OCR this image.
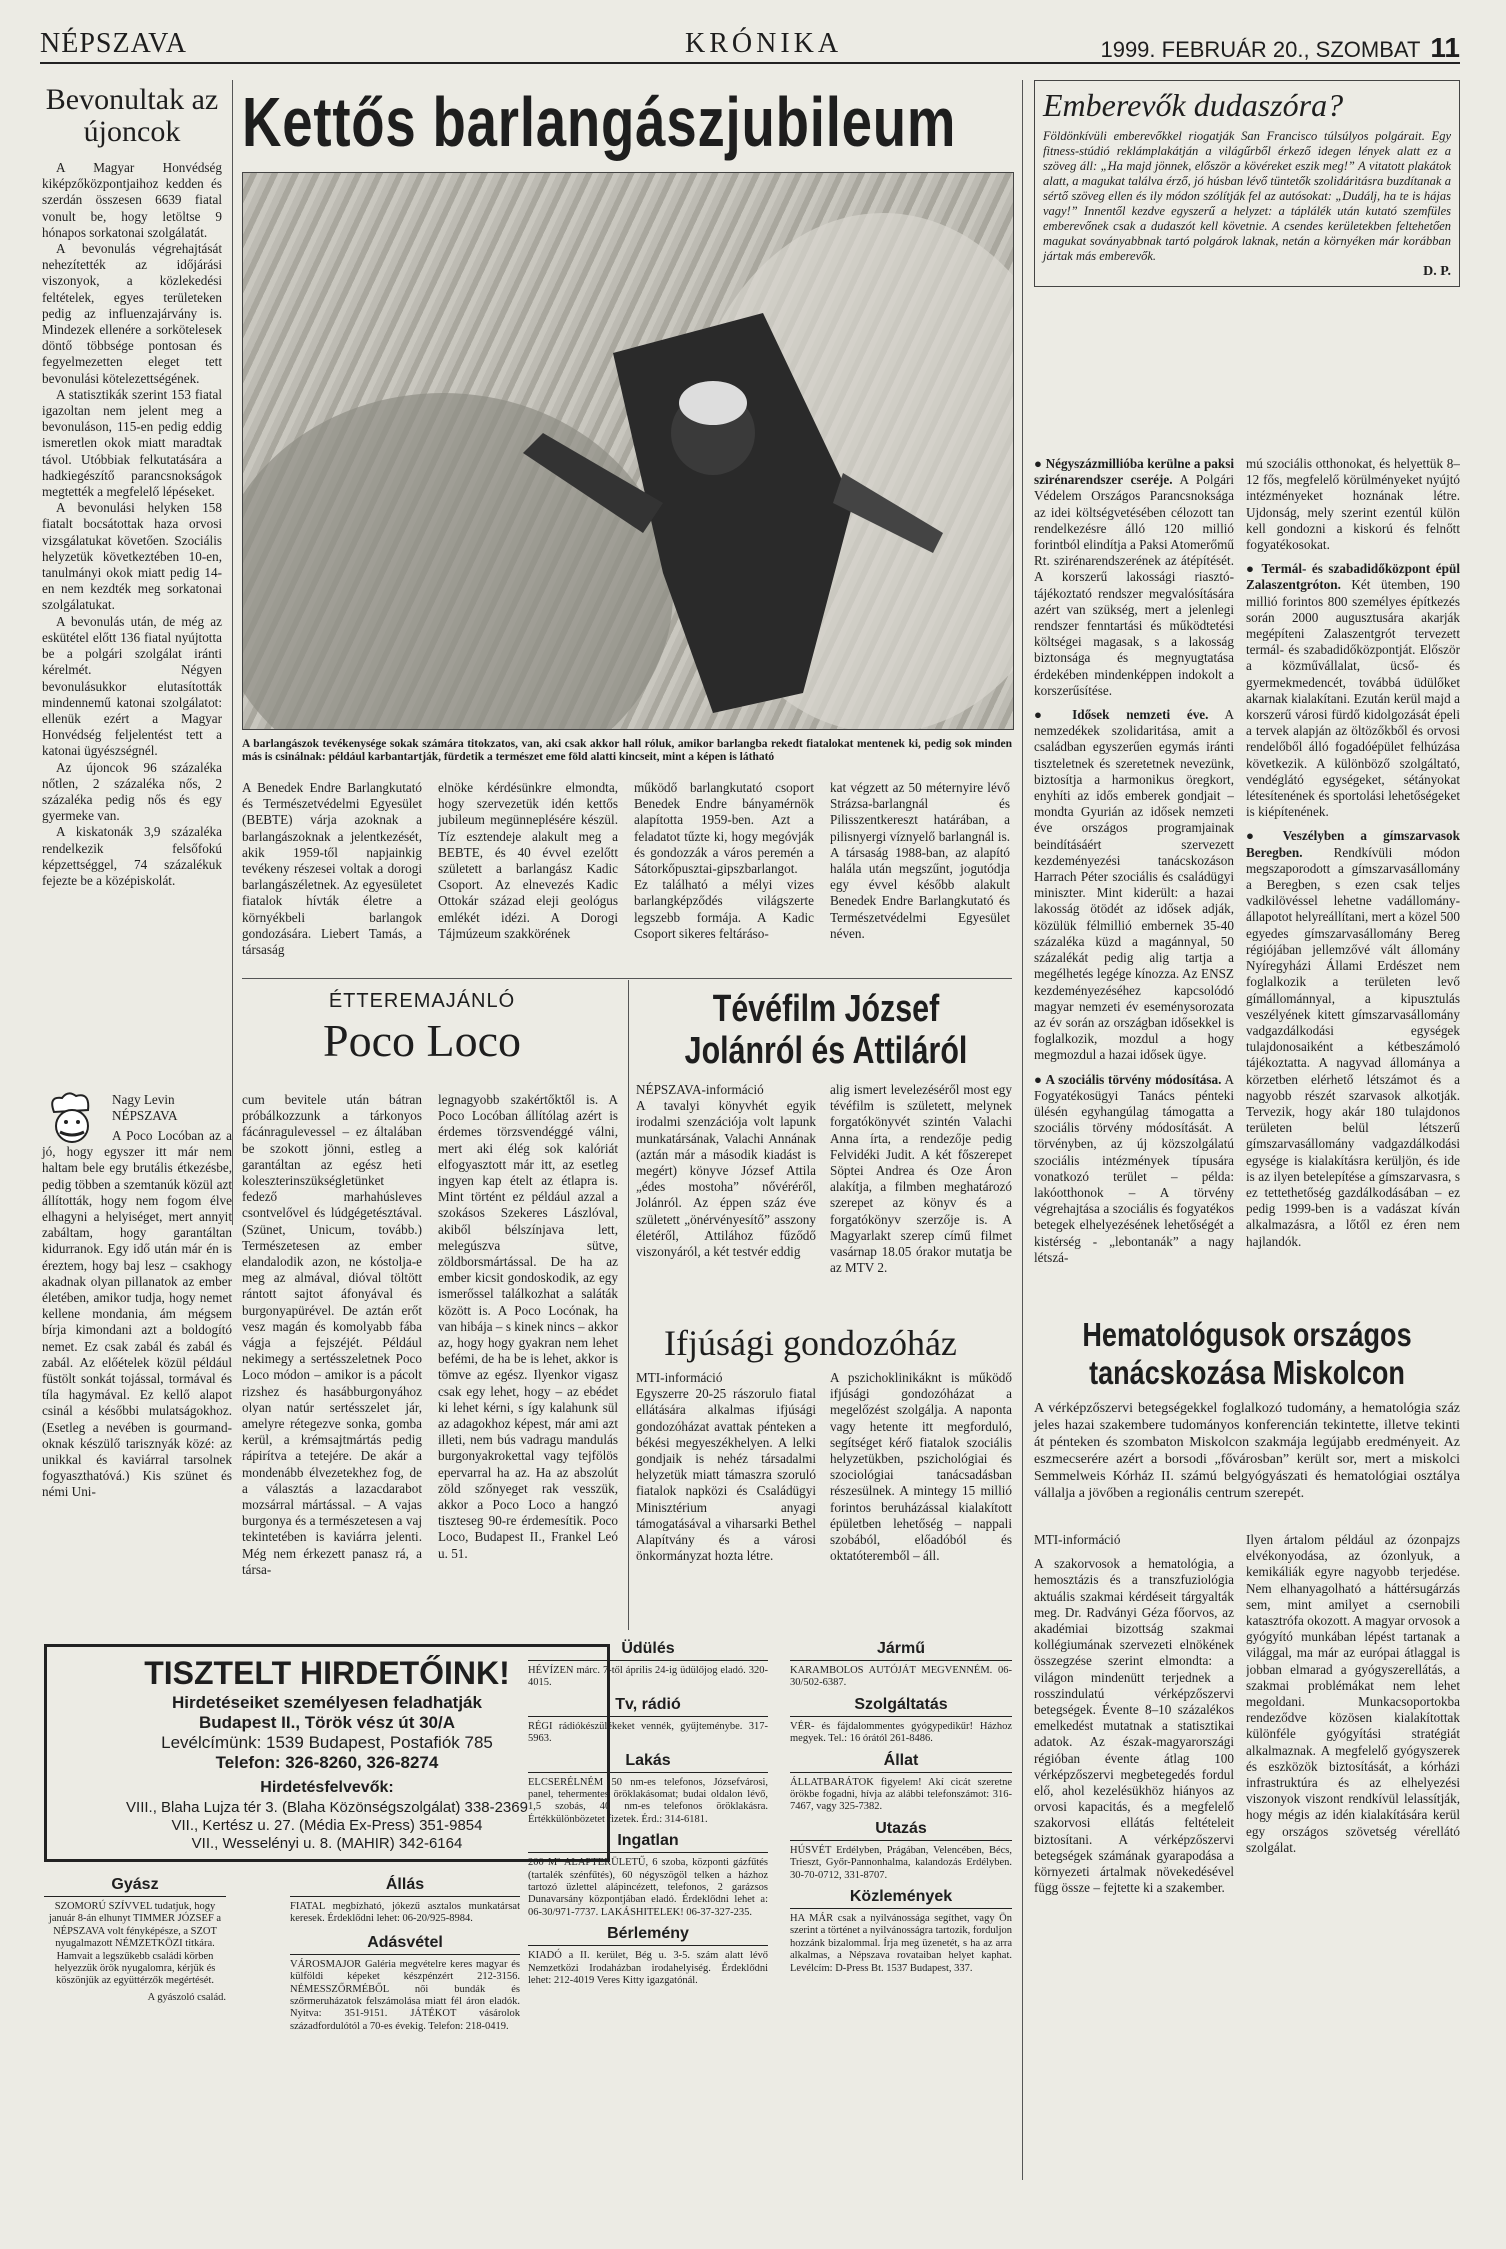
NÉPSZAVA	KRÓNIKA	1999. FEBRUÁR 20., SZOMBAT 11
Bevonultak az újoncok

A Magyar Honvédség kiképzőközpontjaihoz kedden és szerdán összesen 6639 fiatal vonult be, hogy letöltse 9 hónapos sorkatonai szolgálatát.

A bevonulás végrehajtását nehezítették az időjárási viszonyok, a közlekedési feltételek, egyes területeken pedig az influenzajárvány is. Mindezek ellenére a sorkötelesek döntő többsége pontosan és fegyelmezetten eleget tett bevonulási kötelezettségének.

A statisztikák szerint 153 fiatal igazoltan nem jelent meg a bevonuláson, 115-en pedig eddig ismeretlen okok miatt maradtak távol. Utóbbiak felkutatására a hadkiegészítő parancsnokságok megtették a megfelelő lépéseket.

A bevonulási helyken 158 fiatalt bocsátottak haza orvosi vizsgálatukat követően. Szociális helyzetük következtében 10-en, tanulmányi okok miatt pedig 14-en nem kezdték meg sorkatonai szolgálatukat.

A bevonulás után, de még az eskütétel előtt 136 fiatal nyújtotta be a polgári szolgálat iránti kérelmét. Négyen bevonulásukkor elutasították mindennemű katonai szolgálatot: ellenük ezért a Magyar Honvédség feljelentést tett a katonai ügyészségnél.

Az újoncok 96 százaléka nőtlen, 2 százaléka nős, 2 százaléka pedig nős és egy gyermeke van.

A kiskatonák 3,9 százaléka rendelkezik felsőfokú képzettséggel, 74 százalékuk fejezte be a középiskolát.

Kettős barlangászjubileum
A barlangászok tevékenysége sokak számára titokzatos, van, aki csak akkor hall róluk, amikor barlangba rekedt fiatalokat mentenek ki, pedig sok minden más is csinálnak: például karbantartják, fürdetik a természet eme föld alatti kincseit, mint a képen is látható
A Benedek Endre Barlangkutató és Természetvédelmi Egyesület (BEBTE) várja azoknak a barlangászoknak a jelentkezését, akik 1959-től napjainkig tevékeny részesei voltak a dorogi barlangászéletnek. Az egyesületet fiatalok hívták életre a környékbeli barlangok gondozására. Liebert Tamás, a társaság
elnöke kérdésünkre elmondta, hogy szervezetük idén kettős jubileum megünneplésére készül. Tíz esztendeje alakult meg a BEBTE, és 40 évvel ezelőtt született a barlangász Kadic Csoport. Az elnevezés Kadic Ottokár század eleji geológus emlékét idézi. A Dorogi Tájmúzeum szakkörének
működő barlangkutató csoport Benedek Endre bányamérnök alapította 1959-ben. Azt a feladatot tűzte ki, hogy megóvják és gondozzák a város peremén a Sátorkőpusztai-gipszbarlangot. Ez található a mélyi vizes barlangképződés világszerte legszebb formája. A Kadic Csoport sikeres feltáráso-
kat végzett az 50 méternyire lévő Strázsa-barlangnál és Pilisszentkereszt határában, a pilisnyergi víznyelő barlangnál is. A társaság 1988-ban, az alapító halála után megszűnt, jogutódja egy évvel később alakult Benedek Endre Barlangkutató és Természetvédelmi Egyesület néven.
ÉTTEREMAJÁNLÓ
Poco Loco
Nagy Levin
NÉPSZAVA
A Poco Locóban az a jó, hogy egyszer itt már nem haltam bele egy brutális étkezésbe, pedig többen a szemtanúk közül azt állították, hogy nem fogom élve elhagyni a helyiséget, mert annyit zabáltam, hogy garantáltan kidurranok. Egy idő után már én is éreztem, hogy baj lesz – csakhogy akadnak olyan pillanatok az ember életében, amikor tudja, hogy nemet kellene mondania, ám mégsem bírja kimondani azt a boldogító nemet. Ez csak zabál és zabál és zabál. Az előételek közül például füstölt sonkát tojással, tormával és tíla hagymával. Ez kellő alapot csinál a későbbi mulatságokhoz. (Esetleg a nevében is gourmand-oknak készülő tarisznyák közé: az unikkal és kaviárral tarsolnek fogyaszthatóvá.) Kis szünet és némi Uni-
cum bevitele után bátran próbálkozzunk a tárkonyos fácánragulevessel – ez általában be szokott jönni, estleg a garantáltan az egész heti koleszterinszükségletünket fedező marhahúsleves csontvelővel és lúdgégetésztával. (Szünet, Unicum, tovább.) Természetesen az ember elandalodik azon, ne kóstolja-e meg az almával, dióval töltött rántott sajtot áfonyával és burgonyapürével. De aztán erőt vesz magán és komolyabb fába vágja a fejszéjét. Például nekimegy a sertésszeletnek Poco Loco módon – amikor is a pácolt rizshez és hasábburgonyához olyan natúr sertésszelet jár, amelyre rétegezve sonka, gomba kerül, a krémsajtmártás pedig rápirítva a tetejére. De akár a mondenább élvezetekhez fog, de a választás a lazacdarabot mozsárral mártással. – A vajas burgonya és a természetesen a vaj tekintetében is kaviárra jelenti. Még nem érkezett panasz rá, a társa-
legnagyobb szakértőktől is. A Poco Locóban állítólag azért is érdemes törzsvendéggé válni, mert aki élég sok kalóriát elfogyasztott már itt, az esetleg ingyen kap ételt az étlapra is. Mint történt ez például azzal a szokásos Szekeres Lászlóval, akiből bélszínjava lett, melegúszva sütve, zöldborsmártással. De ha az ember kicsit gondoskodik, az egy ismerőssel találkozhat a saláták között is. A Poco Locónak, ha van hibája – s kinek nincs – akkor az, hogy hogy gyakran nem lehet befémi, de ha be is lehet, akkor is tömve az egész. Ilyenkor vigasz csak egy lehet, hogy – az ebédet ki lehet kérni, s így kalahunk sül az adagokhoz képest, már ami azt illeti, nem bús vadragu mandulás burgonyakrokettal vagy tejfölös epervarral ha az. Ha az abszolút zöld szőnyeget rak vesszük, akkor a Poco Loco a hangzó tiszteseg 90-re érdemesítik. Poco Loco, Budapest II., Frankel Leó u. 51.
Tévéfilm József Jolánról és Attiláról
NÉPSZAVA-információ
A tavalyi könyvhét egyik irodalmi szenzációja volt lapunk munkatársának, Valachi Annának (aztán már a második kiadást is megért) könyve József Attila „édes mostoha” nővéréről, Jolánról. Az éppen száz éve született „önérvényesítő” asszony életéről, Attilához fűződő viszonyáról, a két testvér eddig
alig ismert levelezéséről most egy tévéfilm is született, melynek forgatókönyvét szintén Valachi Anna írta, a rendezője pedig Felvidéki Judit. A két főszerepet Söptei Andrea és Oze Áron alakítja, a filmben meghatározó szerepet az könyv és a forgatókönyv szerzője is. A Magyarlakt szerep című filmet vasárnap 18.05 órakor mutatja be az MTV 2.
Ifjúsági gondozóház
MTI-információ
Egyszerre 20-25 rászorulo fiatal ellátására alkalmas ifjúsági gondozóházat avattak pénteken a békési megyeszékhelyen. A lelki gondjaik is nehéz társadalmi helyzetük miatt támaszra szoruló fiatalok napközi és Családügyi Minisztérium anyagi támogatásával a viharsarki Bethel Alapítvány és a városi önkormányzat hozta létre.
A pszichoklinikáknt is működő ifjúsági gondozóházat a megelőzést szolgálja. A naponta vagy hetente itt megforduló, segítséget kérő fiatalok szociális helyzetükben, pszichológiai és szociológiai tanácsadásban részesülnek. A mintegy 15 millió forintos beruházással kialakított épületben lehetőség – nappali szobából, előadóból és oktatóteremből – áll.
Emberevők dudaszóra?
Földönkívüli emberevőkkel riogatják San Francisco túlsúlyos polgárait. Egy fitness-stúdió reklámplakátján a világűrből érkező idegen lények alatt ez a szöveg áll: „Ha majd jönnek, először a kövéreket eszik meg!” A vitatott plakátok alatt, a magukat találva érző, jó húsban lévő tüntetők szolidáritásra buzdítanak a sértő szöveg ellen és ily módon szólítják fel az autósokat: „Dudálj, ha te is hájas vagy!” Innentől kezdve egyszerű a helyzet: a táplálék után kutató szemfüles emberevőnek csak a dudaszót kell követnie. A csendes kerületekben feltehetően magukat soványabbnak tartó polgárok laknak, netán a környéken már korábban jártak más emberevők.
D. P.
● Négyszázmillióba kerülne a paksi szirénarendszer cseréje. A Polgári Védelem Országos Parancsnoksága az idei költségvetésében célozott tan rendelkezésre álló 120 millió forintból elindítja a Paksi Atomerőmű Rt. szirénarendszerének az átépítését. A korszerű lakossági riasztó-tájékoztató rendszer megvalósítására azért van szükség, mert a jelenlegi rendszer fenntartási és működtetési költségei magasak, s a lakosság biztonsága és megnyugtatása érdekében mindenképpen indokolt a korszerűsítése.
● Idősek nemzeti éve. A nemzedékek szolidaritása, amit a családban egyszerűen egymás iránti tiszteletnek és szeretetnek nevezünk, biztosítja a harmonikus öregkort, enyhíti az idős emberek gondjait – mondta Gyurián az idősek nemzeti éve országos programjainak beindításáért szervezett kezdeményezési tanácskozáson Harrach Péter szociális és családügyi miniszter. Mint kiderült: a hazai lakosság ötödét az idősek adják, közülük félmillió embernek 35-40 százaléka küzd a magánnyal, 50 százalékát pedig alig tartja a megélhetés legége kínozza. Az ENSZ kezdeményezéséhez kapcsolódó magyar nemzeti év eseménysorozata az év során az országban idősekkel is foglalkozik, mozdul a hogy megmozdul a hazai idősek ügye.
● A szociális törvény módosítása. A Fogyatékosügyi Tanács pénteki ülésén egyhangúlag támogatta a szociális törvény módosítását. A törvényben, az új közszolgálatú szociális intézmények típusára vonatkozó terület – példa: lakóotthonok – A törvény végrehajtása a szociális és fogyatékos betegek elhelyezésének lehetőségét a kistérség - „lebontanák” a nagy létszá-
mú szociális otthonokat, és helyettük 8–12 fős, megfelelő körülményeket nyújtó intézményeket hoznának létre. Ujdonság, mely szerint ezentúl külön kell gondozni a kiskorú és felnőtt fogyatékosokat.
● Termál- és szabadidőközpont épül Zalaszentgróton. Két ütemben, 190 millió forintos 800 személyes építkezés során 2000 augusztusára akarják megépíteni Zalaszentgrót tervezett termál- és szabadidőközpontját. Először a közművállalat, ücső- és gyermekmedencét, továbbá üdülőket akarnak kialakítani. Ezután kerül majd a korszerű városi fürdő kidolgozását épeli a tervek alapján az öltözőkből és orvosi rendelőből álló fogadóépület felhúzása következik. A különböző szolgáltató, vendéglátó egységeket, sétányokat létesítenének és sportolási lehetőségeket is kiépítenének.
● Veszélyben a gímszarvasok Beregben. Rendkívüli módon megszaporodott a gímszarvasállomány a Beregben, s ezen csak teljes vadkilövéssel lehetne vadállomány-állapotot helyreállítani, mert a közel 500 egyedes gímszarvasállomány Bereg régiójában jellemzővé vált állomány Nyíregyházi Állami Erdészet nem foglalkozik a területen levő gímállománnyal, a kipusztulás veszélyének kitett gímszarvasállomány vadgazdálkodási egységek tulajdonosaiként a kétbeszámoló tájékoztatta. A nagyvad állománya a körzetben elérhető létszámot és a nagyobb részét szarvasok alkotják. Tervezik, hogy akár 180 tulajdonos területen belül létszerű gímszarvasállomány vadgazdálkodási egysége is kialakításra kerüljön, és ide is az ilyen betelepítése a gímszarvasra, s ez tettethetőség gazdálkodásában – ez pedig 1999-ben is a vadászat kíván alkalmazásra, a lőtől ez éren nem hajlandók.
Hematológusok országos tanácskozása Miskolcon
A vérképzőszervi betegségekkel foglalkozó tudomány, a hematológia száz jeles hazai szakembere tudományos konferencián tekintette, illetve tekinti át pénteken és szombaton Miskolcon szakmája legújabb eredményeit. Az eszmecserére azért a borsodi „fővárosban” került sor, mert a miskolci Semmelweis Kórház II. számú belgyógyászati és hematológiai osztálya vállalja a jövőben a regionális centrum szerepét.
MTI-információ
A szakorvosok a hematológia, a hemosztázis és a transzfuziológia aktuális szakmai kérdéseit tárgyalták meg. Dr. Radványi Géza főorvos, az akadémiai bizottság szakmai kollégiumának szervezeti elnökének összegzése szerint elmondta: a világon mindenütt terjednek a rosszindulatú vérképzőszervi betegségek. Évente 8–10 százalékos emelkedést mutatnak a statisztikai adatok. Az észak-magyarországi régióban évente átlag 100 vérképzőszervi megbetegedés fordul elő, ahol kezelésükhöz hiányos az orvosi kapacitás, és a megfelelő szakorvosi ellátás feltételeit biztosítani. A vérképzőszervi betegségek számának gyarapodása a környezeti ártalmak növekedésével függ össze – fejtette ki a szakember.
Ilyen ártalom például az ózonpajzs elvékonyodása, az ózonlyuk, a kemikáliák egyre nagyobb terjedése. Nem elhanyagolható a háttérsugárzás sem, mint amilyet a csernobili katasztrófa okozott. A magyar orvosok a gyógyító munkában lépést tartanak a világgal, ma már az európai átlaggal is jobban elmarad a gyógyszerellátás, a szakmai problémákat nem lehet megoldani. Munkacsoportokba rendeződve közösen kialakítottak különféle gyógyítási stratégiát alkalmaznak. A megfelelő gyógyszerek és eszközök biztosítását, a kórházi infrastruktúra és az elhelyezési viszonyok viszont rendkívül lelassítják, hogy mégis az idén kialakítására kerül egy országos szövetség vérellátó szolgálat.
TISZTELT HIRDETŐINK!
Hirdetéseiket személyesen feladhatják
Budapest II., Török vész út 30/A
Levélcímünk: 1539 Budapest, Postafiók 785
Telefon: 326-8260, 326-8274
Hirdetésfelvevők:
VIII., Blaha Lujza tér 3. (Blaha Közönségszolgálat) 338-2369
VII., Kertész u. 27. (Média Ex-Press) 351-9854
VII., Wesselényi u. 8. (MAHIR) 342-6164
Gyász
SZOMORÚ SZÍVVEL tudatjuk, hogy január 8-án elhunyt TIMMER JÓZSEF a NÉPSZAVA volt fényképésze, a SZOT nyugalmazott NÉMZETKÖZI titkára. Hamvait a legszűkebb családi körben helyezzük örök nyugalomra, kérjük és köszönjük az együttérzők megértését.
A gyászoló család.
Állás
FIATAL megbízható, jókezű asztalos munkatársat keresek. Érdeklődni lehet: 06-20/925-8984.
Adásvétel
VÁROSMAJOR Galéria megvételre keres magyar és külföldi képeket készpénzért 212-3156. NÉMESSZŐRMÉBŐL női bundák és szőrmeruházatok felszámolása miatt fél áron eladók. Nyitva: 351-9151. JÁTÉKOT vásárolok századfordulótól a 70-es évekig. Telefon: 218-0419.
Üdülés
HÉVÍZEN márc. 7-től április 24-ig üdülőjog eladó. 320-4015.
Tv, rádió
RÉGI rádiókészülékeket vennék, gyűjteménybe. 317-5963.
Lakás
ELCSERÉLNÉM 50 nm-es telefonos, Józsefvárosi, panel, tehermentes öröklakásomat; budai oldalon lévő, 1,5 szobás, 40 nm-es telefonos öröklakásra. Értékkülönbözetet fizetek. Érd.: 314-6181.
Ingatlan
200 M² ALAPTERÜLETŰ, 6 szoba, központi gázfűtés (tartalék szénfűtés), 60 négyszögöl telken a házhoz tartozó üzlettel alápincézett, telefonos, 2 garázsos Dunavarsány központjában eladó. Érdeklődni lehet a: 06-30/971-7737. LAKÁSHITELEK! 06-37-327-235.
Bérlemény
KIADÓ a II. kerület, Bég u. 3-5. szám alatt lévő Nemzetközi Irodaházban irodahelyiség. Érdeklődni lehet: 212-4019 Veres Kitty igazgatónál.
Jármű
KARAMBOLOS AUTÓJÁT MEGVENNÉM. 06-30/502-6387.
Szolgáltatás
VÉR- és fájdalommentes gyógypedikűr! Házhoz megyek. Tel.: 16 órától 261-8486.
Állat
ÁLLATBARÁTOK figyelem! Akí cicát szeretne örökbe fogadni, hívja az alábbi telefonszámot: 316-7467, vagy 325-7382.
Utazás
HÚSVÉT Erdélyben, Prágában, Velencében, Bécs, Trieszt, Győr-Pannonhalma, kalandozás Erdélyben. 30-70-0712, 331-8707.
Közlemények
HA MÁR csak a nyilvánossága segíthet, vagy Ön szerint a történet a nyilvánosságra tartozik, forduljon hozzánk bizalommal. Írja meg üzenetét, s ha az arra alkalmas, a Népszava rovataiban helyet kaphat. Levélcím: D-Press Bt. 1537 Budapest, 337.
